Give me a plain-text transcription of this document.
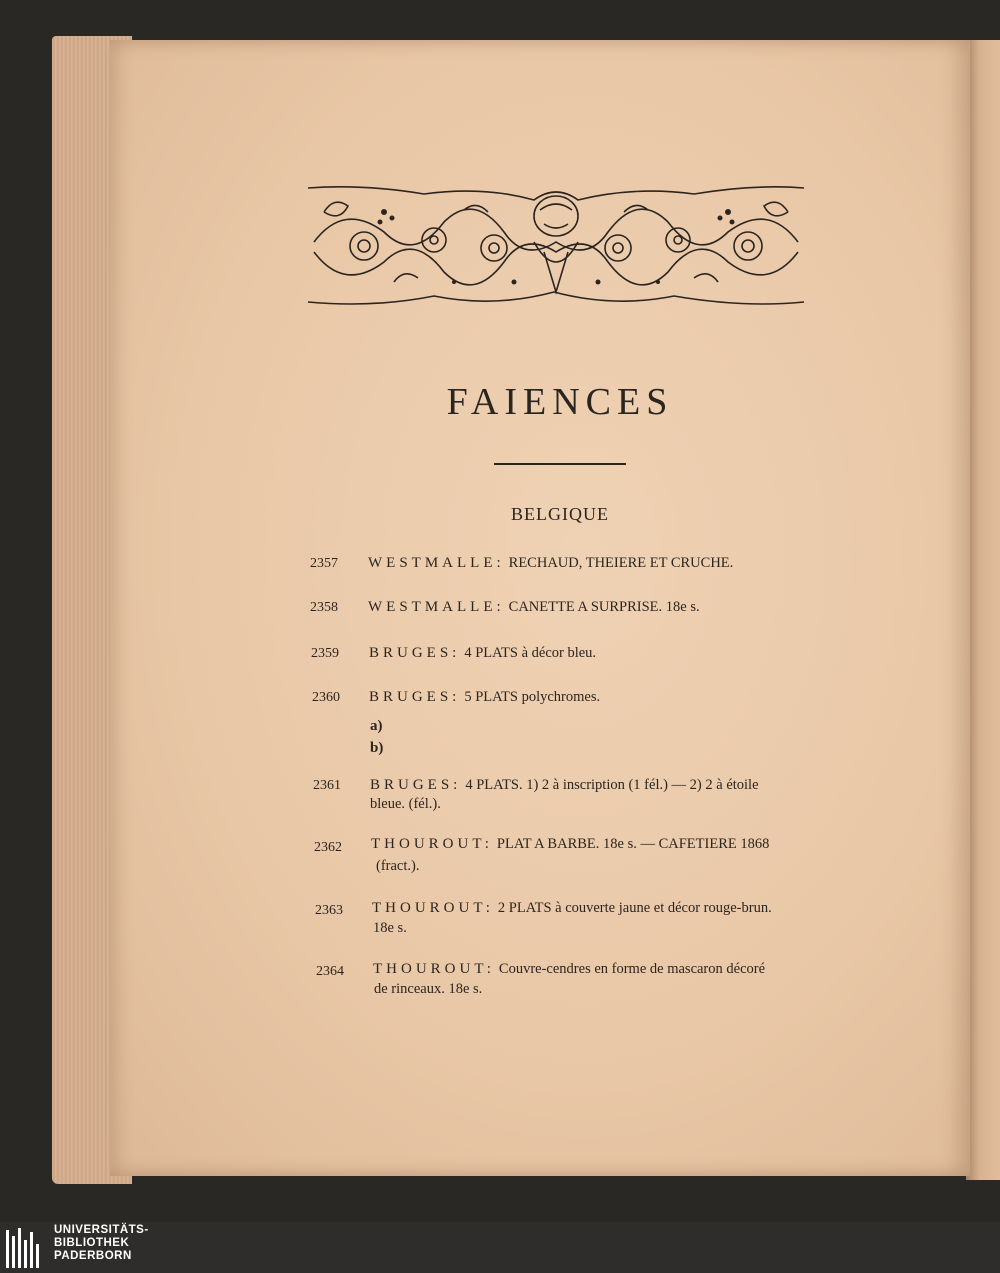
FAIENCES
BELGIQUE
2357 WESTMALLE: RECHAUD, THEIERE ET CRUCHE.
2358 WESTMALLE: CANETTE A SURPRISE. 18e s.
2359 BRUGES: 4 PLATS à décor bleu.
2360 BRUGES: 5 PLATS polychromes.
a)
b)
2361 BRUGES: 4 PLATS. 1) 2 à inscription (1 fél.) — 2) 2 à étoile
bleue. (fél.).
2362 THOUROUT: PLAT A BARBE. 18e s. — CAFETIERE 1868
(fract.).
2363 THOUROUT: 2 PLATS à couverte jaune et décor rouge-brun.
18e s.
2364 THOUROUT: Couvre-cendres en forme de mascaron décoré
de rinceaux. 18e s.
UNIVERSITÄTS-
BIBLIOTHEK
PADERBORN
